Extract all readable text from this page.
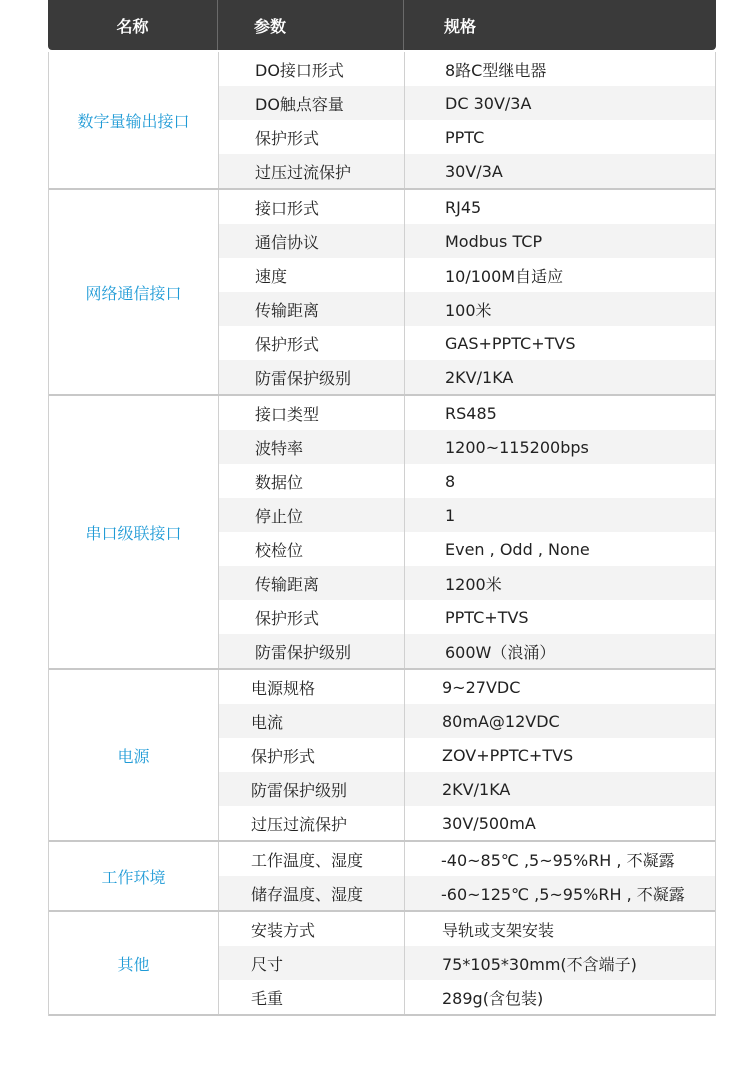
名称	参数	规格
数字量输出接口
DO接口形式	8路C型继电器
DO触点容量	DC 30V/3A
保护形式	PPTC
过压过流保护	30V/3A
网络通信接口
接口形式	RJ45
通信协议	Modbus TCP
速度	10/100M自适应
传输距离	100米
保护形式	GAS+PPTC+TVS
防雷保护级别	2KV/1KA
串口级联接口
接口类型	RS485
波特率	1200~115200bps
数据位	8
停止位	1
校检位	Even , Odd , None
传输距离	1200米
保护形式	PPTC+TVS
防雷保护级别	600W（浪涌）
电源
电源规格	9~27VDC
电流	80mA@12VDC
保护形式	ZOV+PPTC+TVS
防雷保护级别	2KV/1KA
过压过流保护	30V/500mA
工作环境
工作温度、湿度	-40~85℃ ,5~95%RH , 不凝露
储存温度、湿度	-60~125℃ ,5~95%RH , 不凝露
其他
安装方式	导轨或支架安装
尺寸	75*105*30mm(不含端子)
毛重	289g(含包装)
